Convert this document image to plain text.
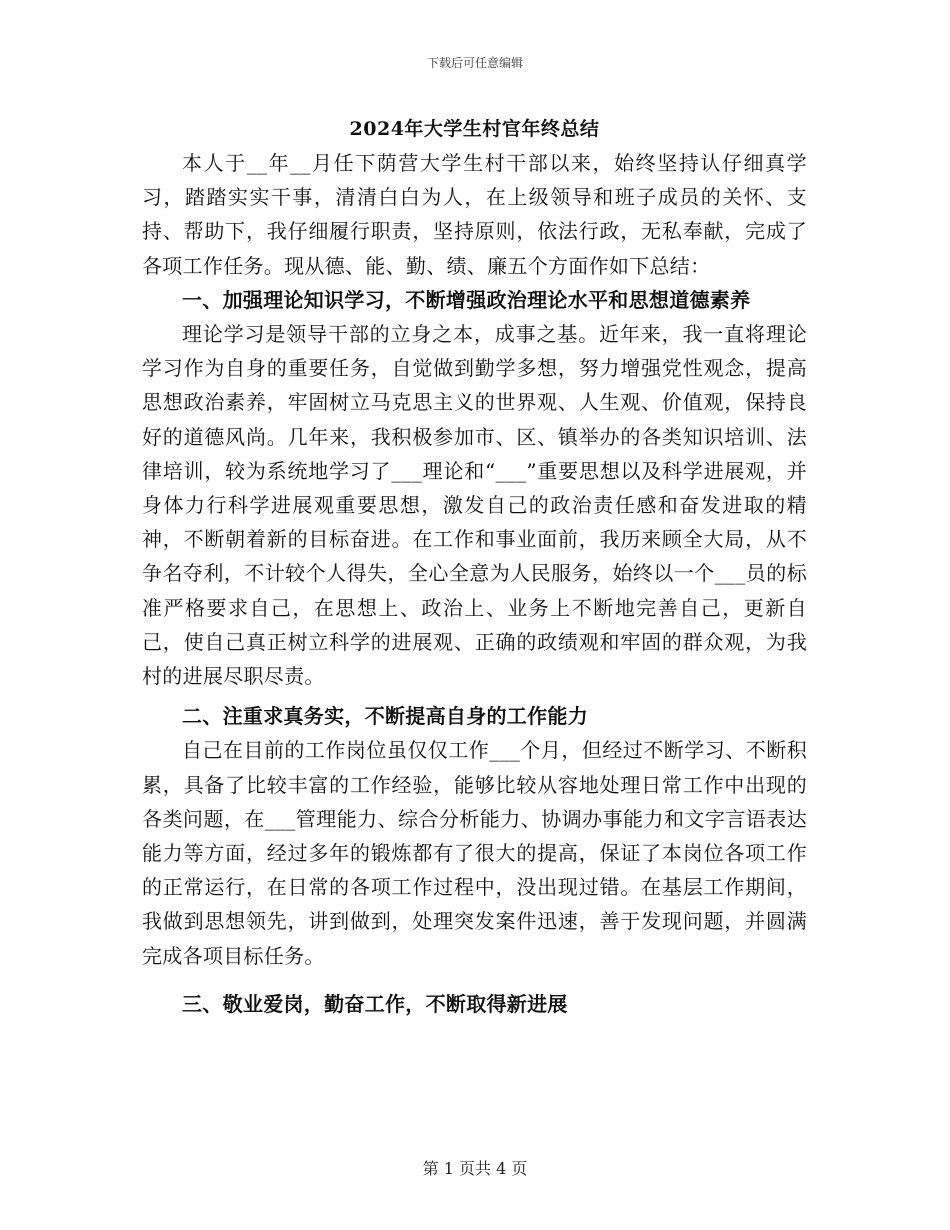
下载后可任意编辑
2024年大学生村官年终总结

本人于__年__月任下荫营大学生村干部以来，始终坚持认仔细真学习，踏踏实实干事，清清白白为人，在上级领导和班子成员的关怀、支持、帮助下，我仔细履行职责，坚持原则，依法行政，无私奉献，完成了各项工作任务。现从德、能、勤、绩、廉五个方面作如下总结：

一、加强理论知识学习，不断增强政治理论水平和思想道德素养

理论学习是领导干部的立身之本，成事之基。近年来，我一直将理论学习作为自身的重要任务，自觉做到勤学多想，努力增强党性观念，提高思想政治素养，牢固树立马克思主义的世界观、人生观、价值观，保持良好的道德风尚。几年来，我积极参加市、区、镇举办的各类知识培训、法律培训，较为系统地学习了___理论和“___”重要思想以及科学进展观，并身体力行科学进展观重要思想，激发自己的政治责任感和奋发进取的精神，不断朝着新的目标奋进。在工作和事业面前，我历来顾全大局，从不争名夺利，不计较个人得失，全心全意为人民服务，始终以一个___员的标准严格要求自己，在思想上、政治上、业务上不断地完善自己，更新自己，使自己真正树立科学的进展观、正确的政绩观和牢固的群众观，为我村的进展尽职尽责。

二、注重求真务实，不断提高自身的工作能力

自己在目前的工作岗位虽仅仅工作___个月，但经过不断学习、不断积累，具备了比较丰富的工作经验，能够比较从容地处理日常工作中出现的各类问题，在___管理能力、综合分析能力、协调办事能力和文字言语表达能力等方面，经过多年的锻炼都有了很大的提高，保证了本岗位各项工作的正常运行，在日常的各项工作过程中，没出现过错。在基层工作期间，我做到思想领先，讲到做到，处理突发案件迅速，善于发现问题，并圆满完成各项目标任务。

三、敬业爱岗，勤奋工作，不断取得新进展

第 1 页共 4 页
